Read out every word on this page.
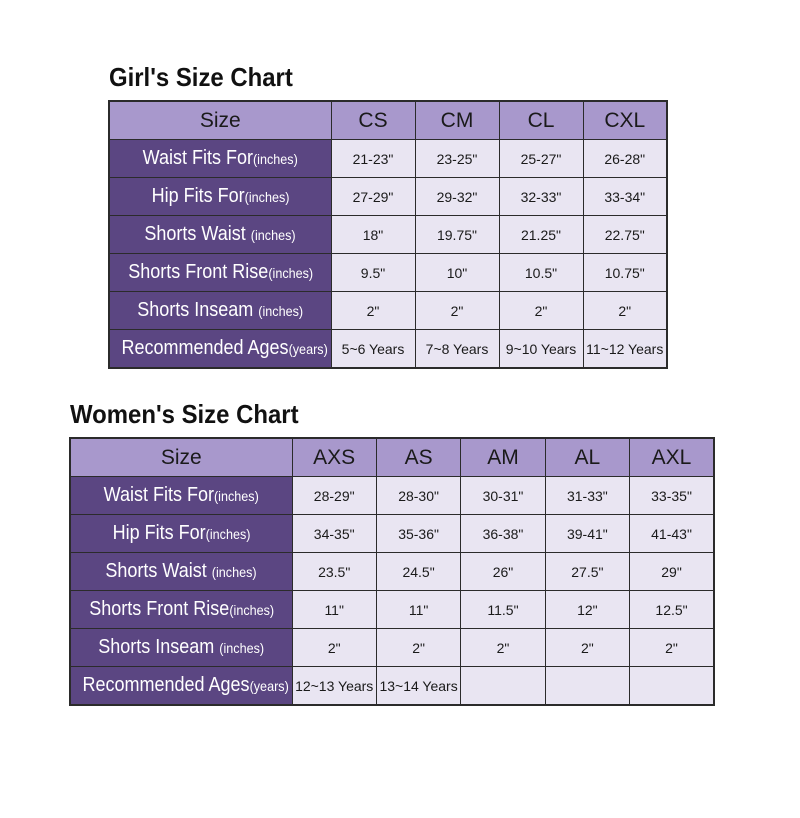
Girl's Size Chart
Size	CS	CM	CL	CXL
Waist Fits For(inches)	21-23"	23-25"	25-27"	26-28"
Hip Fits For(inches)	27-29"	29-32"	32-33"	33-34"
Shorts Waist (inches)	18"	19.75"	21.25"	22.75"
Shorts Front Rise(inches)	9.5"	10"	10.5"	10.75"
Shorts Inseam (inches)	2"	2"	2"	2"
Recommended Ages(years)	5~6 Years	7~8 Years	9~10 Years	11~12 Years
Women's Size Chart
Size	AXS	AS	AM	AL	AXL
Waist Fits For(inches)	28-29"	28-30"	30-31"	31-33"	33-35"
Hip Fits For(inches)	34-35"	35-36"	36-38"	39-41"	41-43"
Shorts Waist (inches)	23.5"	24.5"	26"	27.5"	29"
Shorts Front Rise(inches)	11"	11"	11.5"	12"	12.5"
Shorts Inseam (inches)	2"	2"	2"	2"	2"
Recommended Ages(years)	12~13 Years	13~14 Years			
